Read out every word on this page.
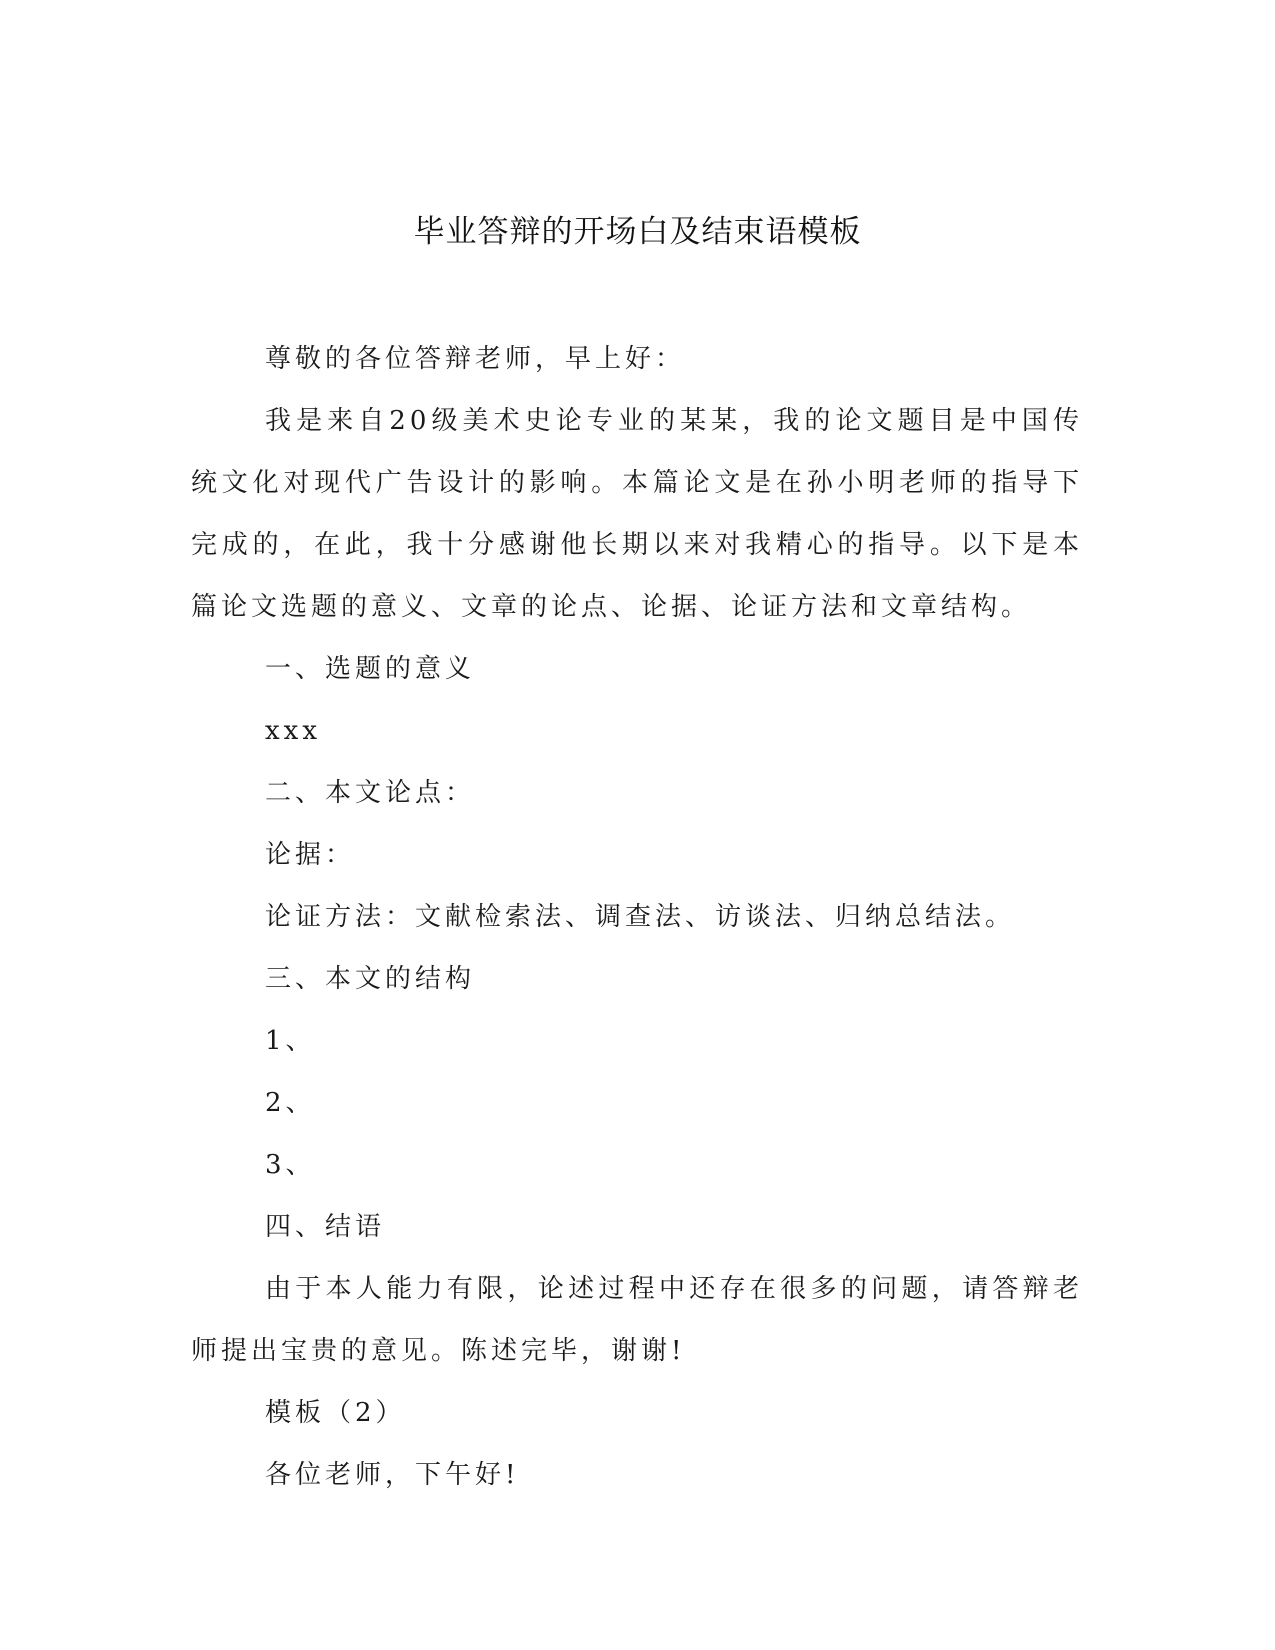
毕业答辩的开场白及结束语模板

尊敬的各位答辩老师，早上好：

我是来自20级美术史论专业的某某，我的论文题目是中国传统文化对现代广告设计的影响。本篇论文是在孙小明老师的指导下完成的，在此，我十分感谢他长期以来对我精心的指导。以下是本篇论文选题的意义、文章的论点、论据、论证方法和文章结构。

一、选题的意义

xxx

二、本文论点：

论据：

论证方法：文献检索法、调查法、访谈法、归纳总结法。

三、本文的结构

1、

2、

3、

四、结语

由于本人能力有限，论述过程中还存在很多的问题，请答辩老师提出宝贵的意见。陈述完毕，谢谢!

模板（2）

各位老师，下午好!
